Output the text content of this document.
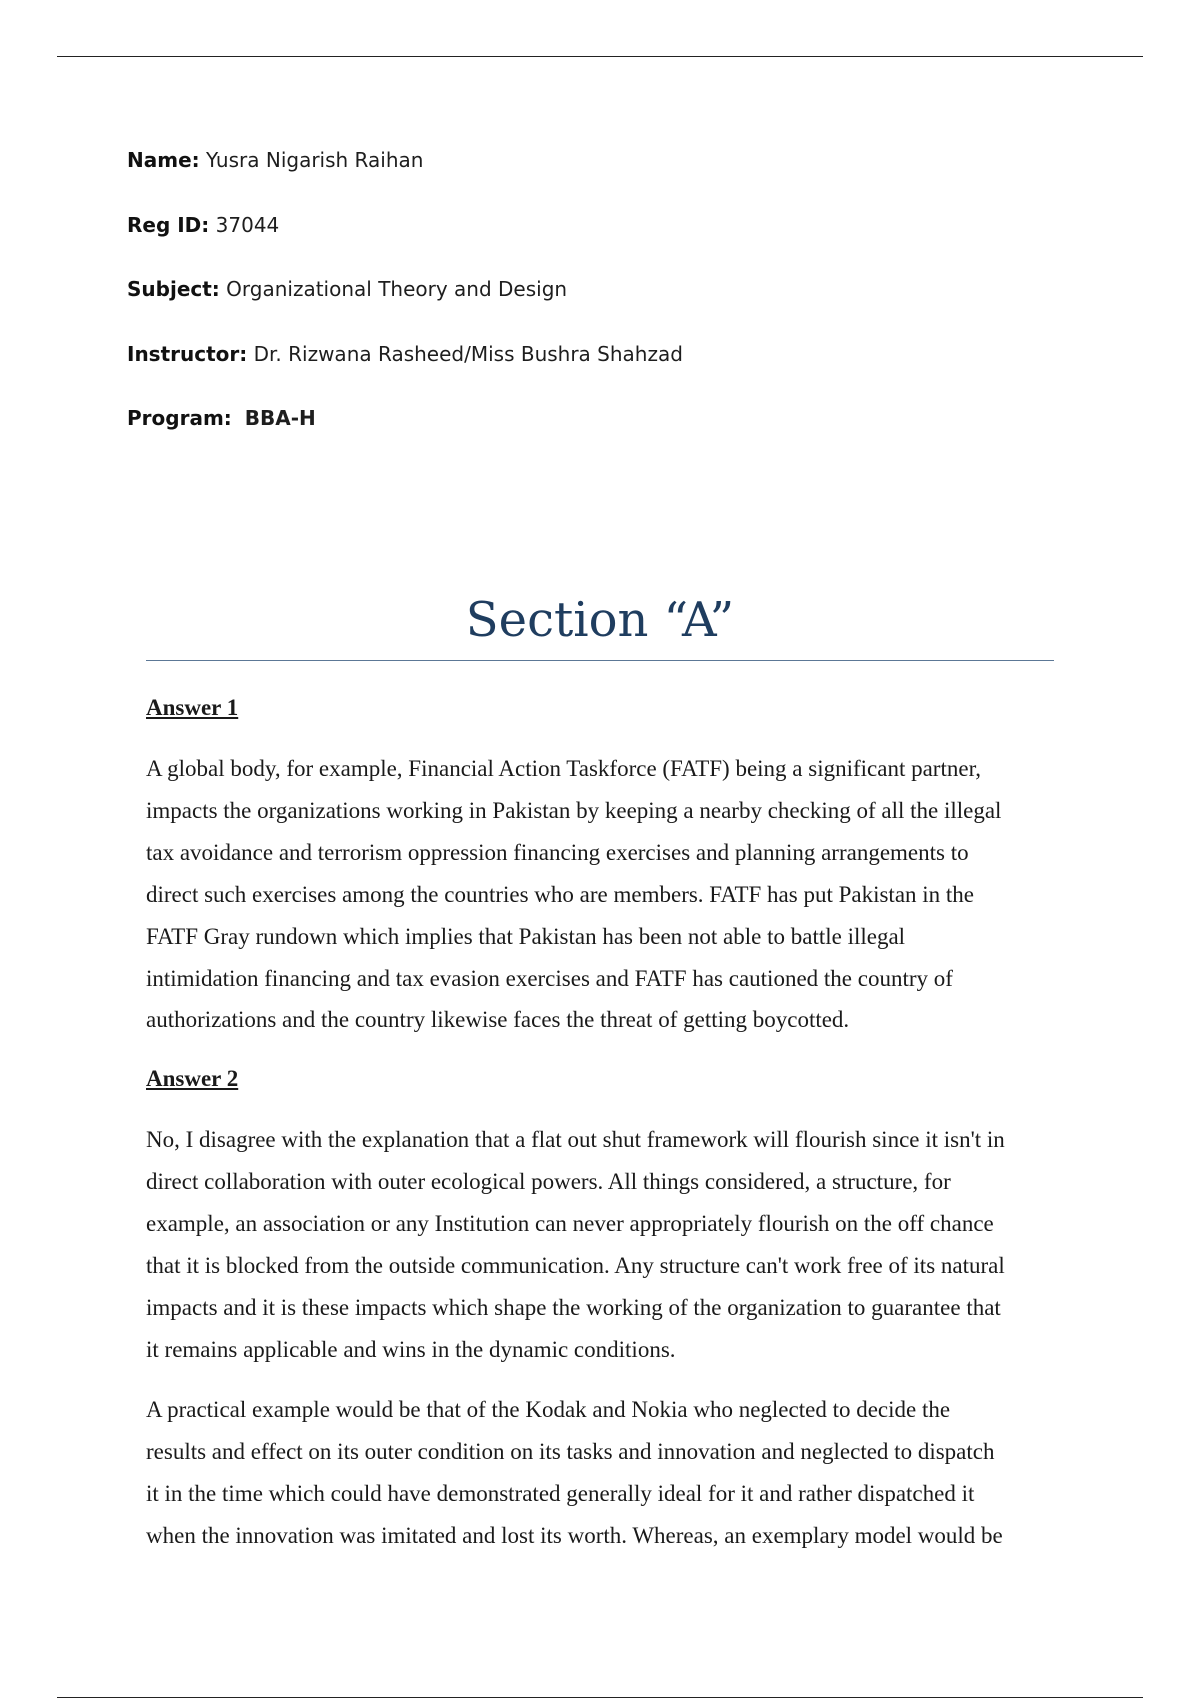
Name: Yusra Nigarish Raihan
Reg ID: 37044
Subject: Organizational Theory and Design
Instructor: Dr. Rizwana Rasheed/Miss Bushra Shahzad
Program: BBA-H
Section “A”
Answer 1
A global body, for example, Financial Action Taskforce (FATF) being a significant partner,
impacts the organizations working in Pakistan by keeping a nearby checking of all the illegal
tax avoidance and terrorism oppression financing exercises and planning arrangements to
direct such exercises among the countries who are members. FATF has put Pakistan in the
FATF Gray rundown which implies that Pakistan has been not able to battle illegal
intimidation financing and tax evasion exercises and FATF has cautioned the country of
authorizations and the country likewise faces the threat of getting boycotted.
Answer 2
No, I disagree with the explanation that a flat out shut framework will flourish since it isn't in
direct collaboration with outer ecological powers. All things considered, a structure, for
example, an association or any Institution can never appropriately flourish on the off chance
that it is blocked from the outside communication. Any structure can't work free of its natural
impacts and it is these impacts which shape the working of the organization to guarantee that
it remains applicable and wins in the dynamic conditions.
A practical example would be that of the Kodak and Nokia who neglected to decide the
results and effect on its outer condition on its tasks and innovation and neglected to dispatch
it in the time which could have demonstrated generally ideal for it and rather dispatched it
when the innovation was imitated and lost its worth. Whereas, an exemplary model would be
